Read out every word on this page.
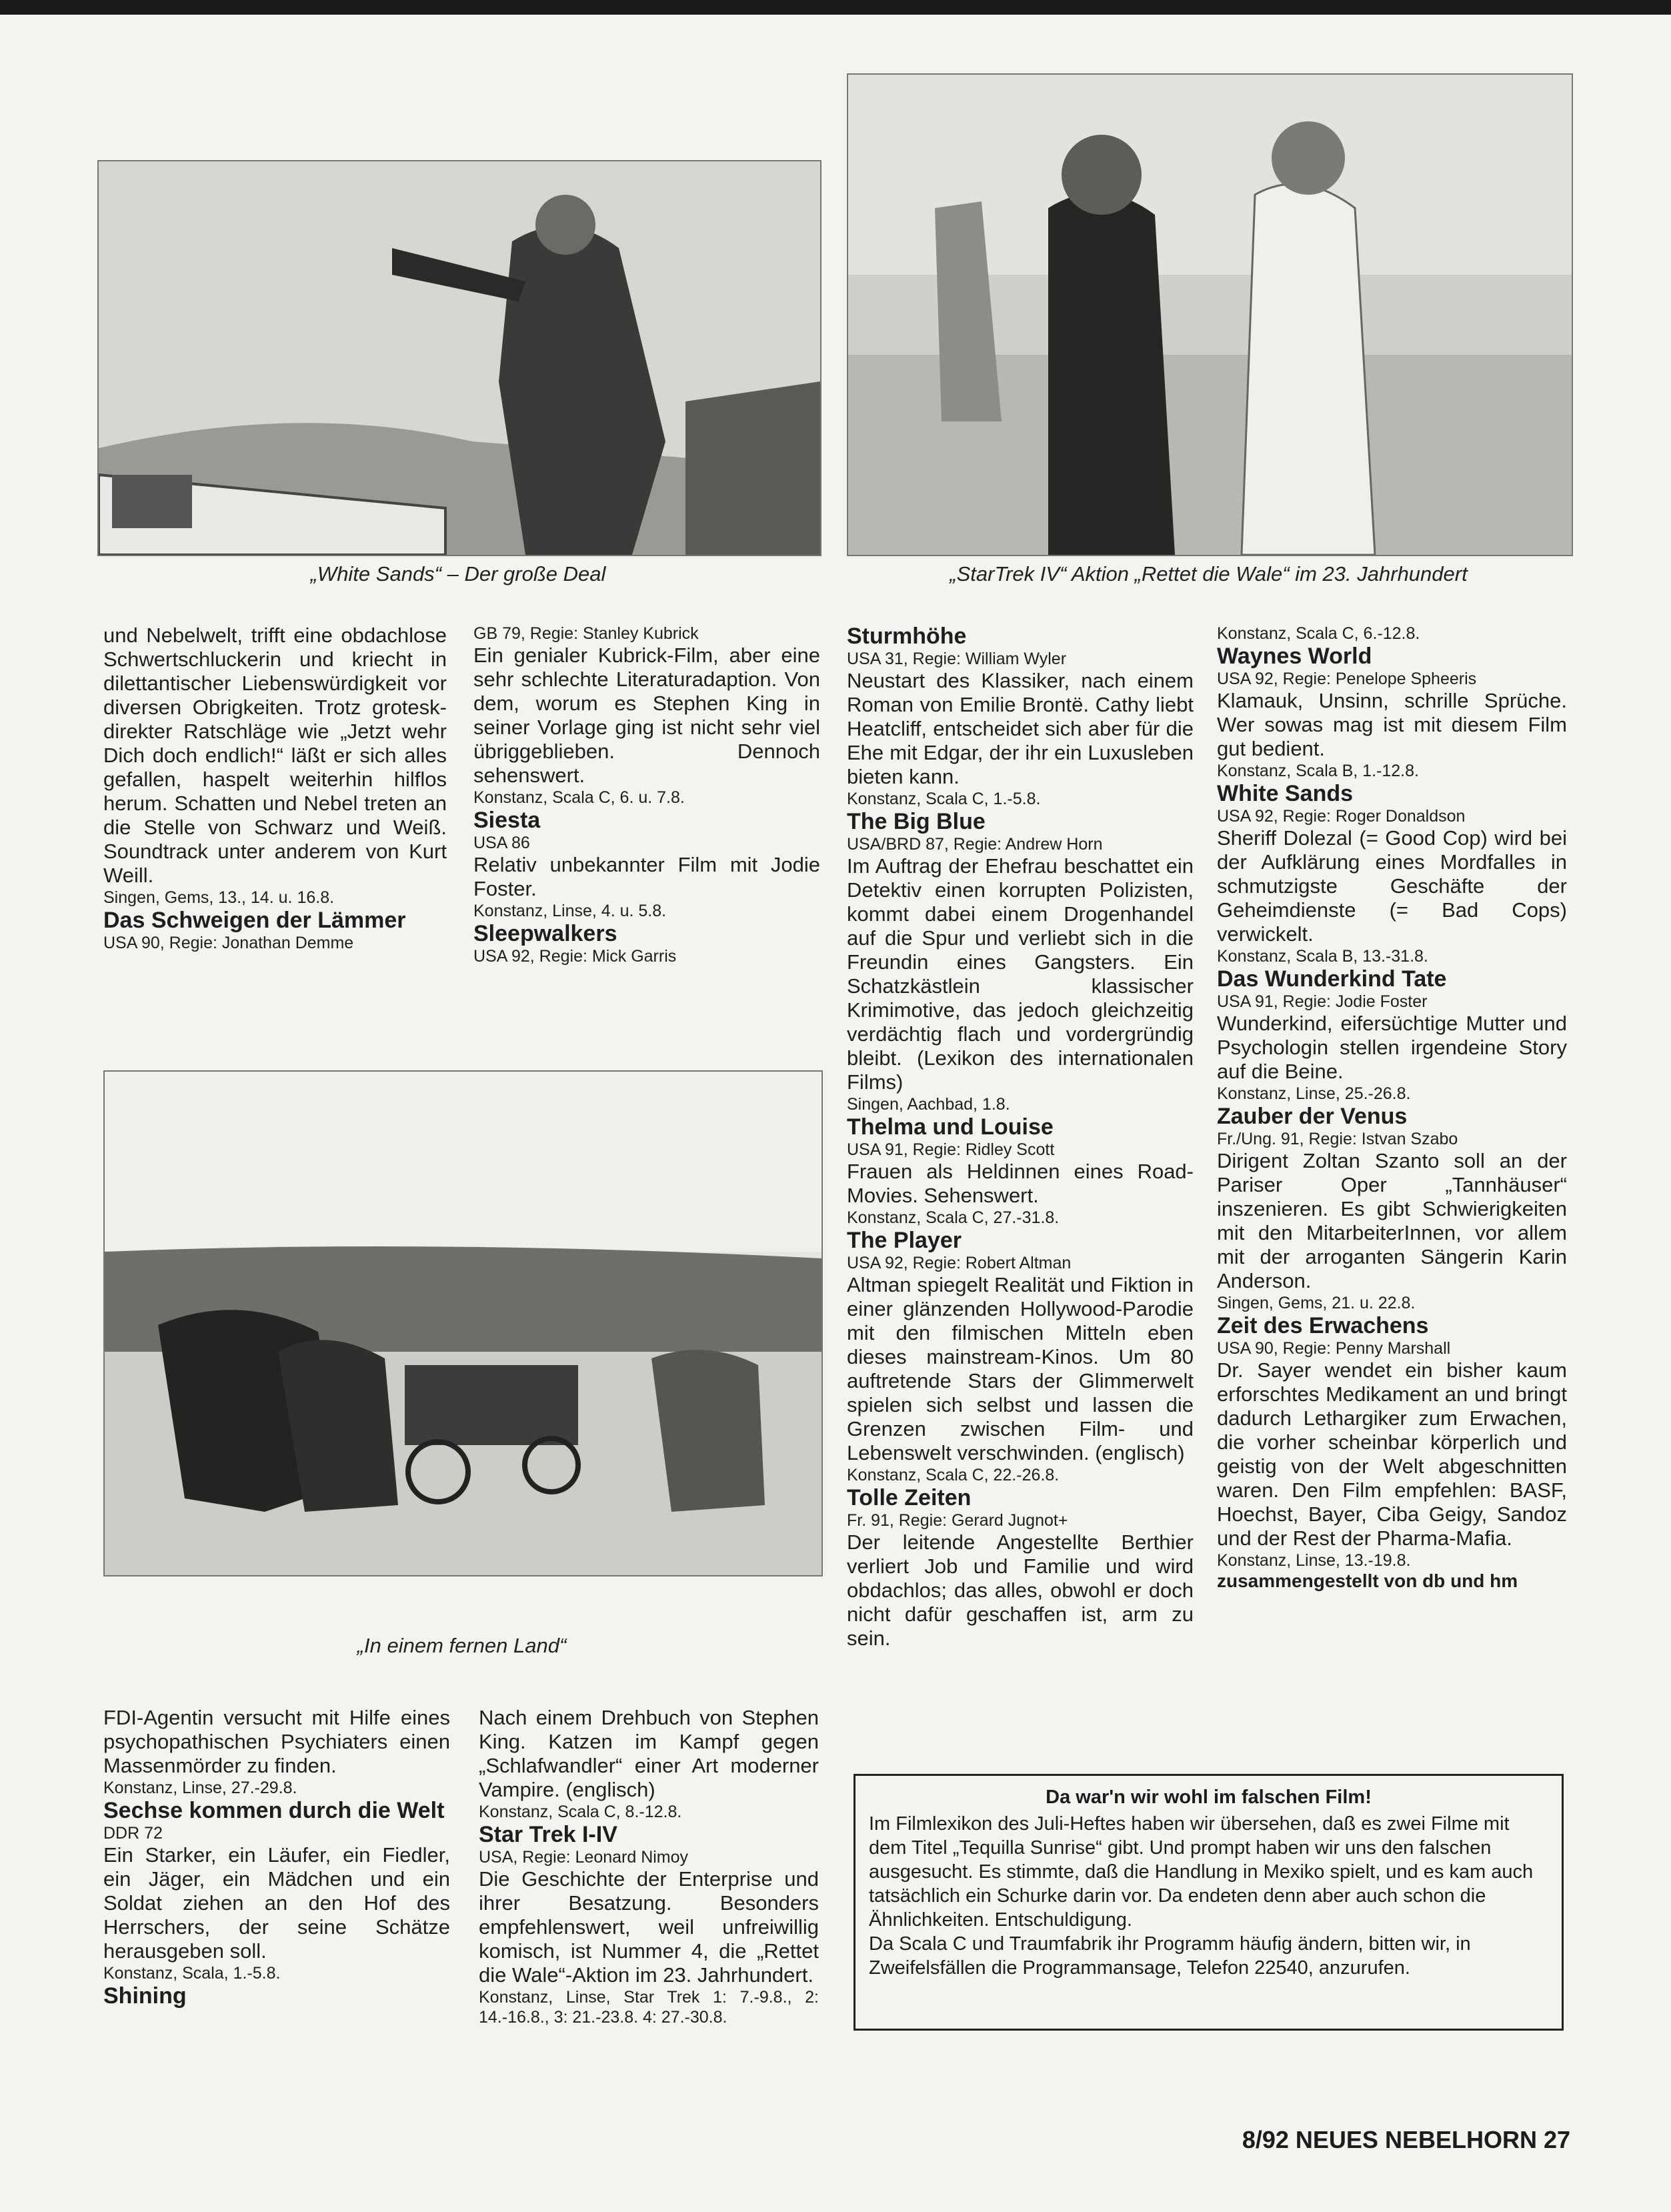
„White Sands“ – Der große Deal	„StarTrek IV“ Aktion „Rettet die Wale“ im 23. Jahrhundert
„In einem fernen Land“

und Nebelwelt, trifft eine obdachlose Schwertschluckerin und kriecht in dilettantischer Liebenswürdigkeit vor diversen Obrigkeiten. Trotz grotesk-direkter Ratschläge wie „Jetzt wehr Dich doch endlich!“ läßt er sich alles gefallen, haspelt weiterhin hilflos herum. Schatten und Nebel treten an die Stelle von Schwarz und Weiß. Soundtrack unter anderem von Kurt Weill.

Singen, Gems, 13., 14. u. 16.8.

Das Schweigen der Lämmer

USA 90, Regie: Jonathan Demme

GB 79, Regie: Stanley Kubrick

Ein genialer Kubrick-Film, aber eine sehr schlechte Literaturadaption. Von dem, worum es Stephen King in seiner Vorlage ging ist nicht sehr viel übriggeblieben. Dennoch sehenswert.

Konstanz, Scala C, 6. u. 7.8.

Siesta

USA 86

Relativ unbekannter Film mit Jodie Foster.

Konstanz, Linse, 4. u. 5.8.

Sleepwalkers

USA 92, Regie: Mick Garris

Sturmhöhe

USA 31, Regie: William Wyler

Neustart des Klassiker, nach einem Roman von Emilie Brontë. Cathy liebt Heatcliff, entscheidet sich aber für die Ehe mit Edgar, der ihr ein Luxusleben bieten kann.

Konstanz, Scala C, 1.-5.8.

The Big Blue

USA/BRD 87, Regie: Andrew Horn

Im Auftrag der Ehefrau beschattet ein Detektiv einen korrupten Polizisten, kommt dabei einem Drogenhandel auf die Spur und verliebt sich in die Freundin eines Gangsters. Ein Schatzkästlein klassischer Krimimotive, das jedoch gleichzeitig verdächtig flach und vordergründig bleibt. (Lexikon des internationalen Films)

Singen, Aachbad, 1.8.

Thelma und Louise

USA 91, Regie: Ridley Scott

Frauen als Heldinnen eines Road-Movies. Sehenswert.

Konstanz, Scala C, 27.-31.8.

The Player

USA 92, Regie: Robert Altman

Altman spiegelt Realität und Fiktion in einer glänzenden Hollywood-Parodie mit den filmischen Mitteln eben dieses mainstream-Kinos. Um 80 auftretende Stars der Glimmerwelt spielen sich selbst und lassen die Grenzen zwischen Film- und Lebenswelt verschwinden. (englisch)

Konstanz, Scala C, 22.-26.8.

Tolle Zeiten

Fr. 91, Regie: Gerard Jugnot+

Der leitende Angestellte Berthier verliert Job und Familie und wird obdachlos; das alles, obwohl er doch nicht dafür geschaffen ist, arm zu sein.

Konstanz, Scala C, 6.-12.8.

Waynes World

USA 92, Regie: Penelope Spheeris

Klamauk, Unsinn, schrille Sprüche. Wer sowas mag ist mit diesem Film gut bedient.

Konstanz, Scala B, 1.-12.8.

White Sands

USA 92, Regie: Roger Donaldson

Sheriff Dolezal (= Good Cop) wird bei der Aufklärung eines Mordfalles in schmutzigste Geschäfte der Geheimdienste (= Bad Cops) verwickelt.

Konstanz, Scala B, 13.-31.8.

Das Wunderkind Tate

USA 91, Regie: Jodie Foster

Wunderkind, eifersüchtige Mutter und Psychologin stellen irgendeine Story auf die Beine.

Konstanz, Linse, 25.-26.8.

Zauber der Venus

Fr./Ung. 91, Regie: Istvan Szabo

Dirigent Zoltan Szanto soll an der Pariser Oper „Tannhäuser“ inszenieren. Es gibt Schwierigkeiten mit den MitarbeiterInnen, vor allem mit der arroganten Sängerin Karin Anderson.

Singen, Gems, 21. u. 22.8.

Zeit des Erwachens

USA 90, Regie: Penny Marshall

Dr. Sayer wendet ein bisher kaum erforschtes Medikament an und bringt dadurch Lethargiker zum Erwachen, die vorher scheinbar körperlich und geistig von der Welt abgeschnitten waren. Den Film empfehlen: BASF, Hoechst, Bayer, Ciba Geigy, Sandoz und der Rest der Pharma-Mafia.

Konstanz, Linse, 13.-19.8.

zusammengestellt von db und hm

FDI-Agentin versucht mit Hilfe eines psychopathischen Psychiaters einen Massenmörder zu finden.

Konstanz, Linse, 27.-29.8.

Sechse kommen durch die Welt

DDR 72

Ein Starker, ein Läufer, ein Fiedler, ein Jäger, ein Mädchen und ein Soldat ziehen an den Hof des Herrschers, der seine Schätze herausgeben soll.

Konstanz, Scala, 1.-5.8.

Shining

Nach einem Drehbuch von Stephen King. Katzen im Kampf gegen „Schlafwandler“ einer Art moderner Vampire. (englisch)

Konstanz, Scala C, 8.-12.8.

Star Trek I-IV

USA, Regie: Leonard Nimoy

Die Geschichte der Enterprise und ihrer Besatzung. Besonders empfehlenswert, weil unfreiwillig komisch, ist Nummer 4, die „Rettet die Wale“-Aktion im 23. Jahrhundert.

Konstanz, Linse, Star Trek 1: 7.-9.8., 2: 14.-16.8., 3: 21.-23.8. 4: 27.-30.8.

Da war'n wir wohl im falschen Film!

Im Filmlexikon des Juli-Heftes haben wir übersehen, daß es zwei Filme mit dem Titel „Tequilla Sunrise“ gibt. Und prompt haben wir uns den falschen ausgesucht. Es stimmte, daß die Handlung in Mexiko spielt, und es kam auch tatsächlich ein Schurke darin vor. Da endeten denn aber auch schon die Ähnlichkeiten. Entschuldigung.

Da Scala C und Traumfabrik ihr Programm häufig ändern, bitten wir, in Zweifelsfällen die Programmansage, Telefon 22540, anzurufen.

8/92 NEUES NEBELHORN 27
